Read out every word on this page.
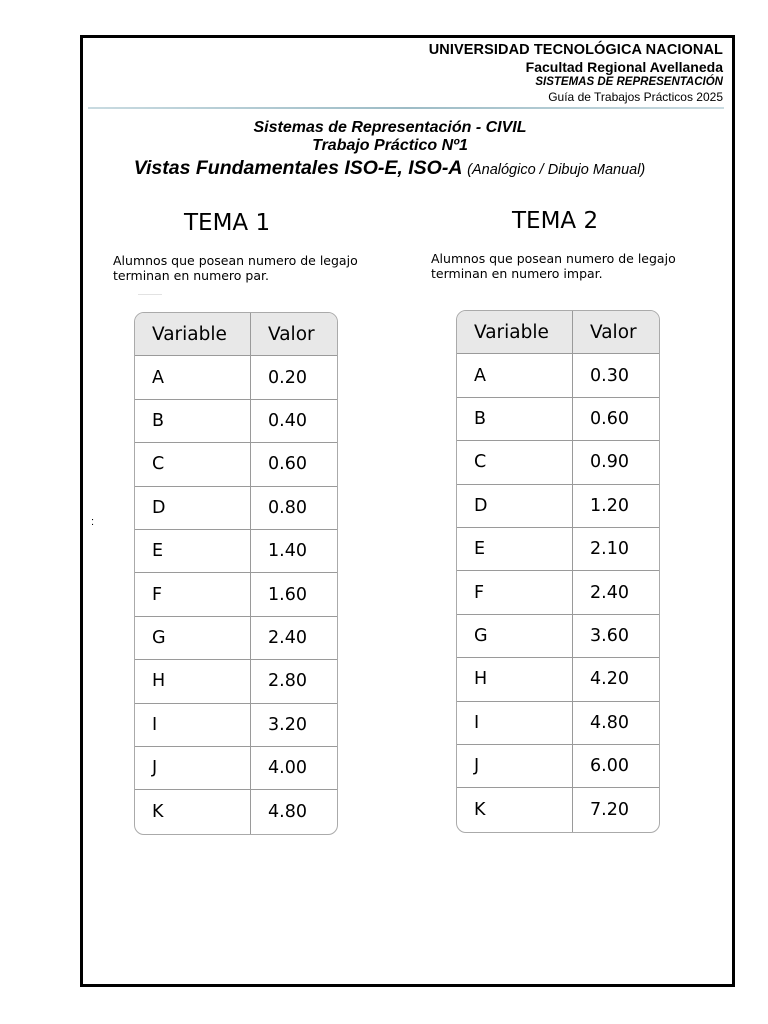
UNIVERSIDAD TECNOLÓGICA NACIONAL
Facultad Regional Avellaneda
SISTEMAS DE REPRESENTACIÓN
Guía de Trabajos Prácticos 2025
Sistemas de Representación - CIVIL
Trabajo Práctico Nº1
Vistas Fundamentales ISO-E, ISO-A (Analógico / Dibujo Manual)
TEMA 1
Alumnos que posean numero de legajo
terminan en numero par.
TEMA 2
Alumnos que posean numero de legajo
terminan en numero impar.
:
Variable	Valor
A	0.20
B	0.40
C	0.60
D	0.80
E	1.40
F	1.60
G	2.40
H	2.80
I	3.20
J	4.00
K	4.80
Variable	Valor
A	0.30
B	0.60
C	0.90
D	1.20
E	2.10
F	2.40
G	3.60
H	4.20
I	4.80
J	6.00
K	7.20
